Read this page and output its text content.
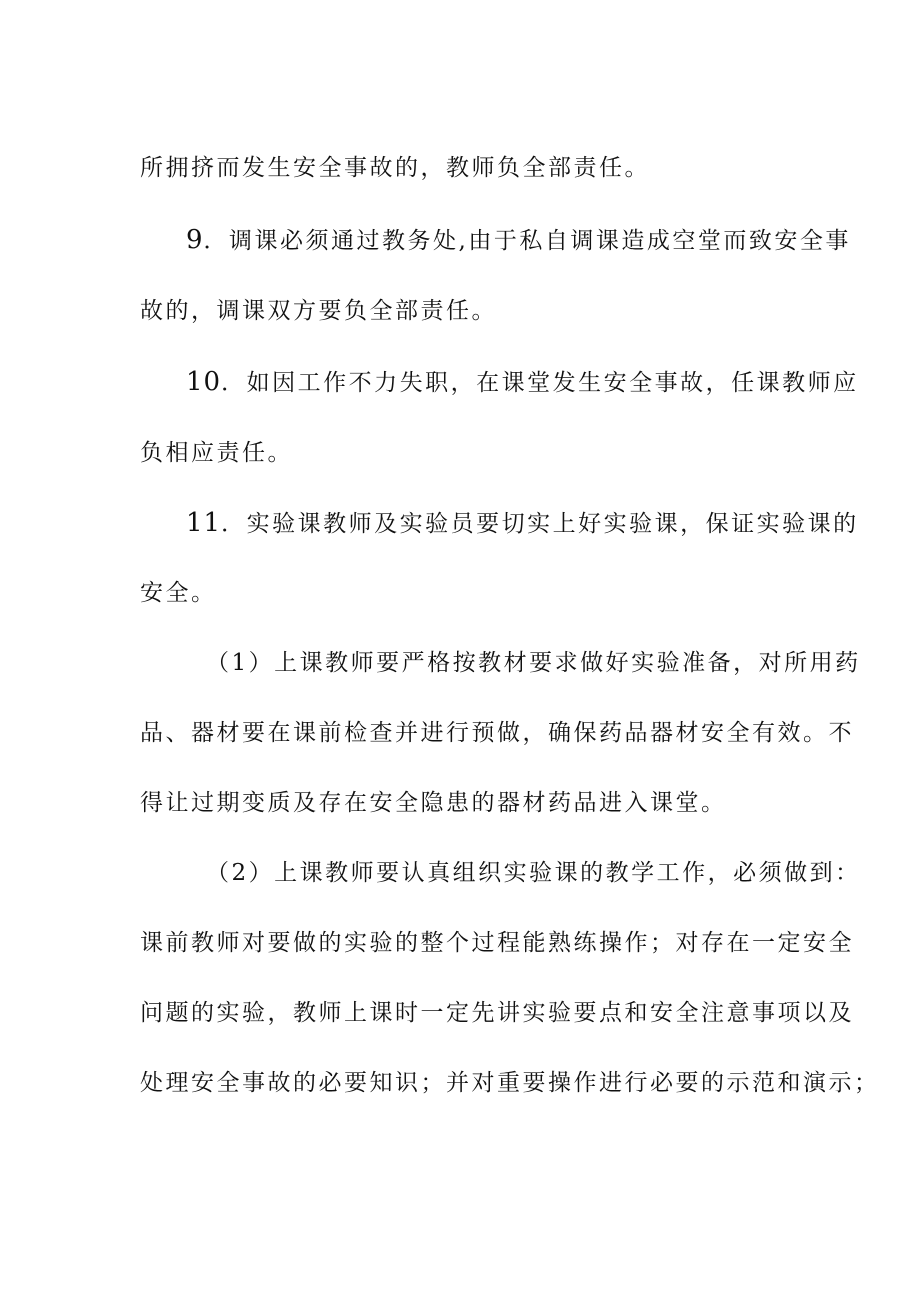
所拥挤而发生安全事故的，教师负全部责任。
9．调课必须通过教务处,由于私自调课造成空堂而致安全事
故的，调课双方要负全部责任。
10．如因工作不力失职，在课堂发生安全事故，任课教师应
负相应责任。
11．实验课教师及实验员要切实上好实验课，保证实验课的
安全。
（1）上课教师要严格按教材要求做好实验准备，对所用药
品、器材要在课前检查并进行预做，确保药品器材安全有效。不
得让过期变质及存在安全隐患的器材药品进入课堂。
（2）上课教师要认真组织实验课的教学工作，必须做到：
课前教师对要做的实验的整个过程能熟练操作；对存在一定安全
问题的实验，教师上课时一定先讲实验要点和安全注意事项以及
处理安全事故的必要知识；并对重要操作进行必要的示范和演示；
